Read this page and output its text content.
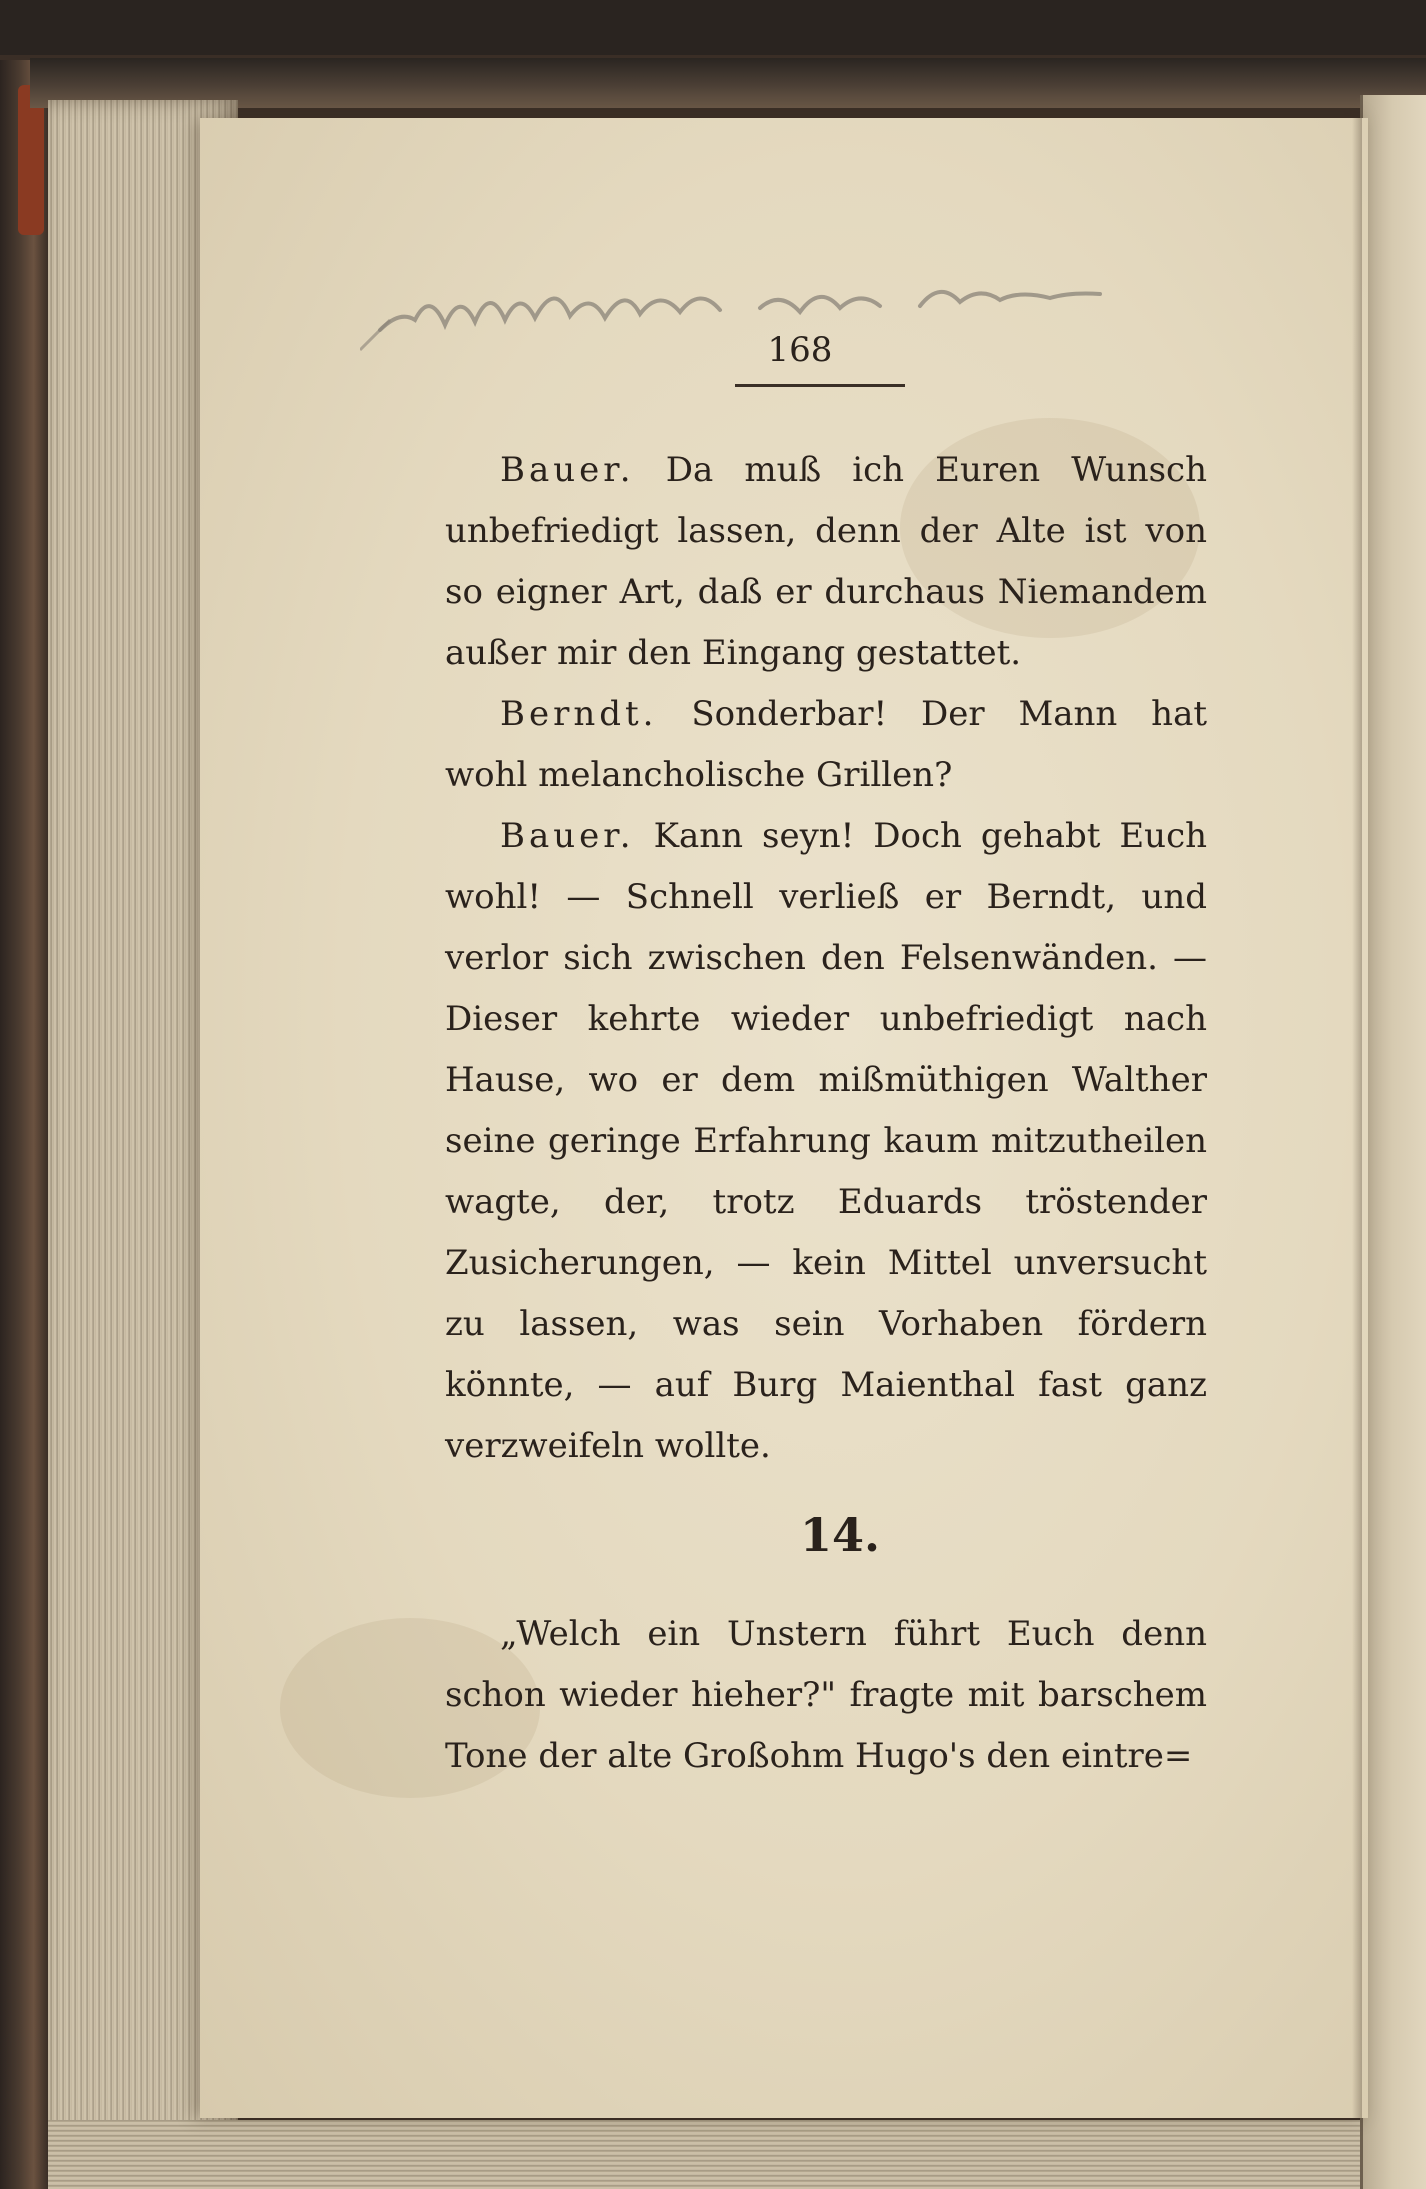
168

Bauer. Da muß ich Euren Wunsch unbefriedigt lassen, denn der Alte ist von so eigner Art, daß er durchaus Niemandem außer mir den Eingang gestattet.

Berndt. Sonderbar! Der Mann hat wohl melancholische Grillen?

Bauer. Kann seyn! Doch gehabt Euch wohl! — Schnell verließ er Berndt, und verlor sich zwischen den Felsenwänden. — Dieser kehrte wieder unbefriedigt nach Hause, wo er dem mißmüthigen Walther seine geringe Erfahrung kaum mitzutheilen wagte, der, trotz Eduards tröstender Zusicherungen, — kein Mittel unversucht zu lassen, was sein Vorhaben fördern könnte, — auf Burg Maienthal fast ganz verzweifeln wollte.

14.

„Welch ein Unstern führt Euch denn schon wieder hieher?" fragte mit barschem Tone der alte Großohm Hugo's den eintre=
